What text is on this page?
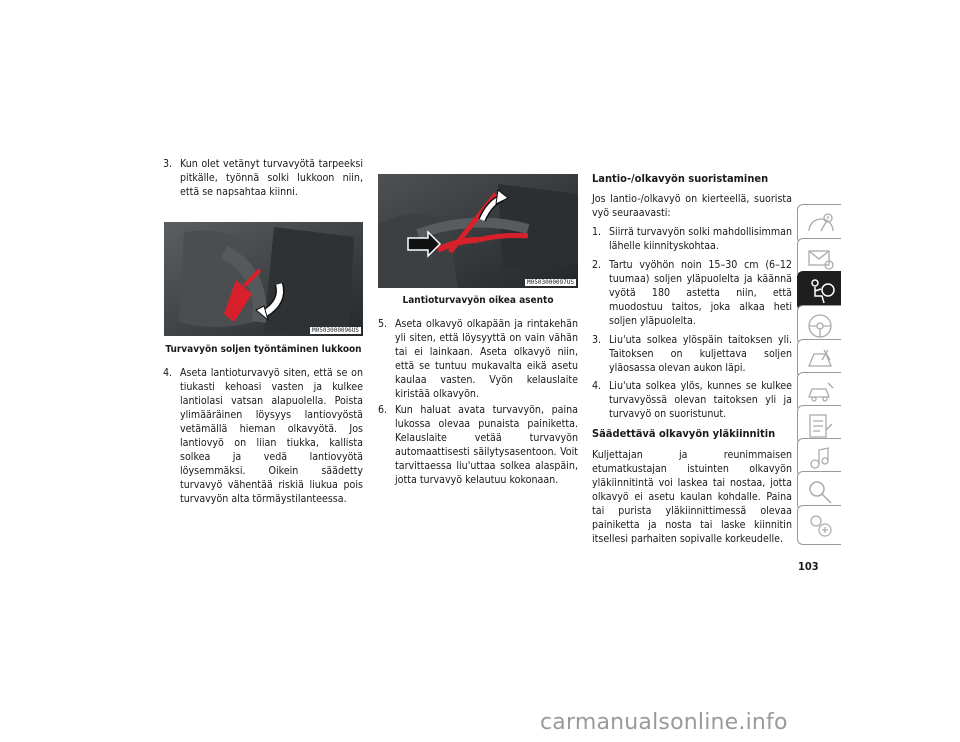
3. Kun olet vetänyt turvavyötä tarpeeksi pitkälle, työnnä solki lukkoon niin, että se napsahtaa kiinni.
M0503000096US
Turvavyön soljen työntäminen lukkoon
4. Aseta lantioturvavyö siten, että se on tiukasti kehoasi vasten ja kulkee lantiolasi vatsan alapuolella. Poista ylimääräinen löysyys lantiovyöstä vetämällä hieman olkavyötä. Jos lantiovyö on liian tiukka, kallista solkea ja vedä lantiovyötä löysemmäksi. Oikein säädetty turvavyö vähentää riskiä liukua pois turvavyön alta törmäystilanteessa.
M0503000097US
Lantioturvavyön oikea asento
5. Aseta olkavyö olkapään ja rintakehän yli siten, että löysyyttä on vain vähän tai ei lainkaan. Aseta olkavyö niin, että se tuntuu mukavalta eikä asetu kaulaa vasten. Vyön kelauslaite kiristää olkavyön.
6. Kun haluat avata turvavyön, paina lukossa olevaa punaista painiketta. Kelauslaite vetää turvavyön automaattisesti säilytysasentoon. Voit tarvittaessa liu'uttaa solkea alaspäin, jotta turvavyö kelautuu kokonaan.
Lantio-/olkavyön suoristaminen
Jos lantio-/olkavyö on kierteellä, suorista vyö seuraavasti:
1. Siirrä turvavyön solki mahdollisimman lähelle kiinnityskohtaa.
2. Tartu vyöhön noin 15–30 cm (6–12 tuumaa) soljen yläpuolelta ja käännä vyötä 180 astetta niin, että muodostuu taitos, joka alkaa heti soljen yläpuolelta.
3. Liu'uta solkea ylöspäin taitoksen yli. Taitoksen on kuljettava soljen yläosassa olevan aukon läpi.
4. Liu'uta solkea ylös, kunnes se kulkee turvavyössä olevan taitoksen yli ja turvavyö on suoristunut.
Säädettävä olkavyön yläkiinnitin
Kuljettajan ja reunimmaisen etumatkustajan istuinten olkavyön yläkiinnitintä voi laskea tai nostaa, jotta olkavyö ei asetu kaulan kohdalle. Paina tai purista yläkiinnittimessä olevaa painiketta ja nosta tai laske kiinnitin itsellesi parhaiten sopivalle korkeudelle.
103
carmanualsonline.info
